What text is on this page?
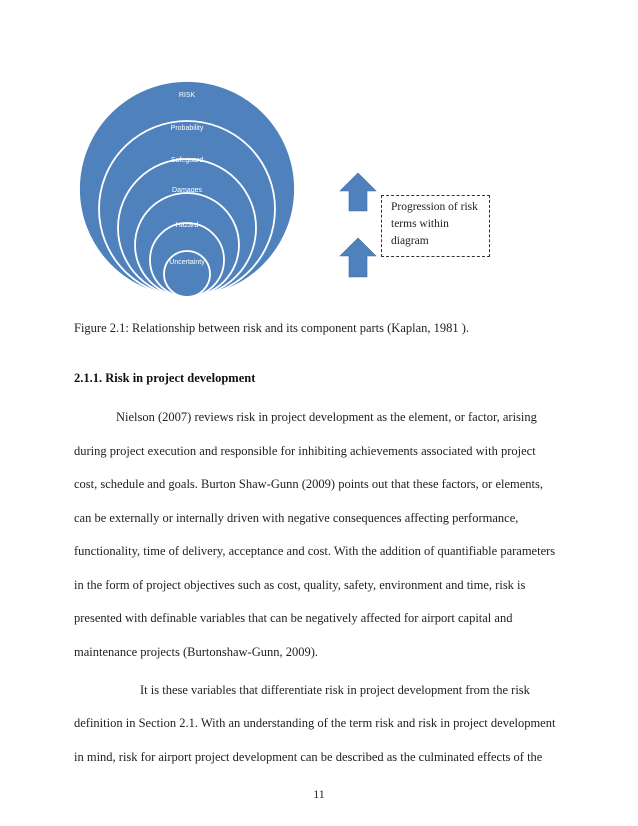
RISK
Probability
Safeguard
Damages
Hazard
Uncertainty
Progression of risk terms within diagram
Figure 2.1: Relationship between risk and its component parts (Kaplan, 1981 ).
2.1.1. Risk in project development
Nielson (2007) reviews risk in project development as the element, or factor, arising
during project execution and responsible for inhibiting achievements associated with project
cost, schedule and goals. Burton Shaw-Gunn (2009) points out that these factors, or elements,
can be externally or internally driven with negative consequences affecting performance,
functionality, time of delivery, acceptance and cost. With the addition of quantifiable parameters
in the form of project objectives such as cost, quality, safety, environment and time, risk is
presented with definable variables that can be negatively affected for airport capital and
maintenance projects (Burtonshaw-Gunn, 2009).
It is these variables that differentiate risk in project development from the risk
definition in Section 2.1. With an understanding of the term risk and risk in project development
in mind, risk for airport project development can be described as the culminated effects of the
11
